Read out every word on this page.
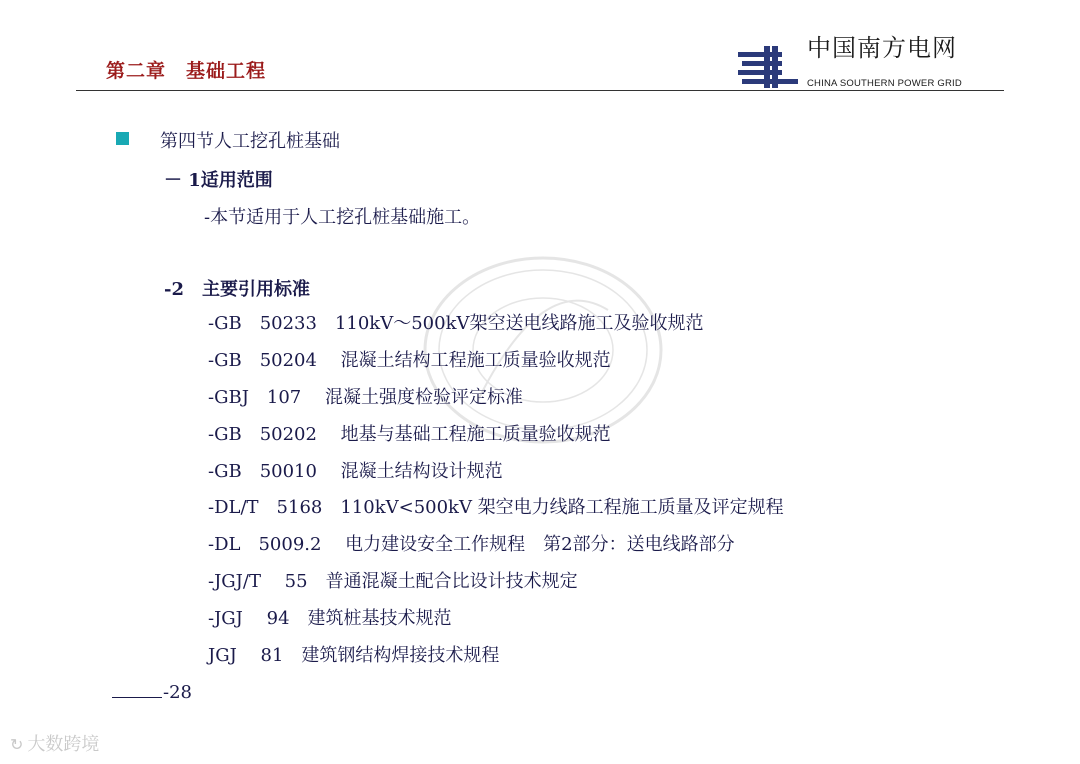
第二章　基础工程
中国南方电网
CHINA SOUTHERN POWER GRID
第四节人工挖孔桩基础
－ 1适用范围
-本节适用于人工挖孔桩基础施工。
-2　主要引用标准
-GB　50233　110kV～500kV架空送电线路施工及验收规范
-GB　50204　 混凝土结构工程施工质量验收规范
-GBJ　107　 混凝土强度检验评定标准
-GB　50202　 地基与基础工程施工质量验收规范
-GB　50010　 混凝土结构设计规范
-DL/T　5168　110kV<500kV 架空电力线路工程施工质量及评定规程
-DL　5009.2　 电力建设安全工作规程　第2部分：送电线路部分
-JGJ/T　 55　普通混凝土配合比设计技术规定
-JGJ　 94　建筑桩基技术规范
JGJ　 81　建筑钢结构焊接技术规程
-28
↻ 大数跨境
